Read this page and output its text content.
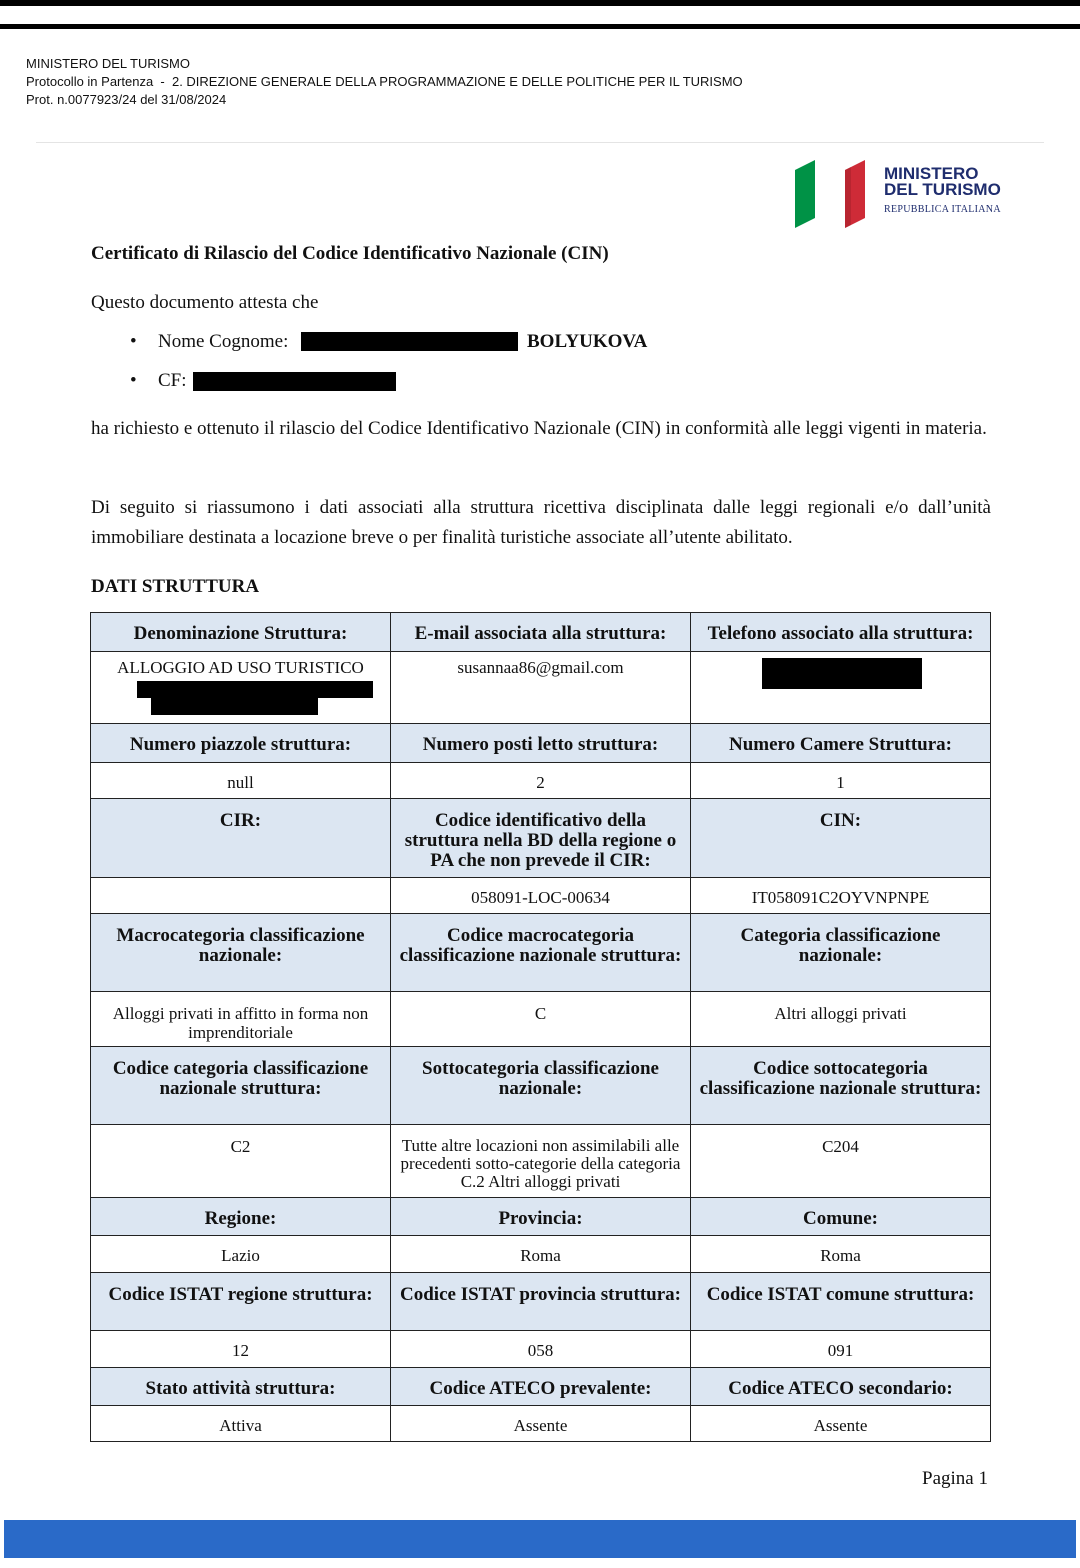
MINISTERO DEL TURISMO
Protocollo in Partenza  -  2. DIREZIONE GENERALE DELLA PROGRAMMAZIONE E DELLE POLITICHE PER IL TURISMO
Prot. n.0077923/24 del 31/08/2024
MINISTERO
DEL TURISMO
REPUBBLICA ITALIANA
Certificato di Rilascio del Codice Identificativo Nazionale (CIN)
Questo documento attesta che
• Nome Cognome:	BOLYUKOVA
• CF:
ha richiesto e ottenuto il rilascio del Codice Identificativo Nazionale (CIN) in conformità alle leggi vigenti in materia.
Di seguito si riassumono i dati associati alla struttura ricettiva disciplinata dalle leggi regionali e/o dall’unità immobiliare destinata a locazione breve o per finalità turistiche associate all’utente abilitato.
DATI STRUTTURA
Denominazione Struttura:	E-mail associata alla struttura:	Telefono associato alla struttura:
ALLOGGIO AD USO TURISTICO	susannaa86@gmail.com	

Numero piazzole struttura:	Numero posti letto struttura:	Numero Camere Struttura:
null	2	1
CIR:	Codice identificativo della struttura nella BD della regione o PA che non prevede il CIR:	CIN:
	058091-LOC-00634	IT058091C2OYVNPNPE
Macrocategoria classificazione nazionale:	Codice macrocategoria classificazione nazionale struttura:	Categoria classificazione nazionale:
Alloggi privati in affitto in forma non imprenditoriale	C	Altri alloggi privati
Codice categoria classificazione nazionale struttura:	Sottocategoria classificazione nazionale:	Codice sottocategoria classificazione nazionale struttura:
C2	Tutte altre locazioni non assimilabili alle precedenti sotto-categorie della categoria C.2 Altri alloggi privati	C204
Regione:	Provincia:	Comune:
Lazio	Roma	Roma
Codice ISTAT regione struttura:	Codice ISTAT provincia struttura:	Codice ISTAT comune struttura:
12	058	091
Stato attività struttura:	Codice ATECO prevalente:	Codice ATECO secondario:
Attiva	Assente	Assente
Pagina 1
